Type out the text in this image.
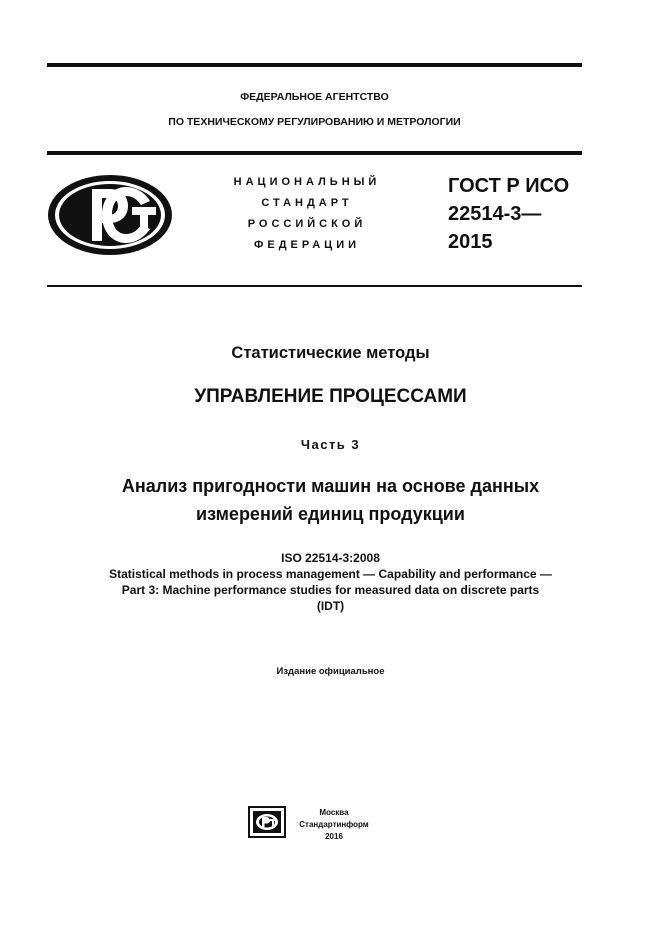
ФЕДЕРАЛЬНОЕ АГЕНТСТВО
ПО ТЕХНИЧЕСКОМУ РЕГУЛИРОВАНИЮ И МЕТРОЛОГИИ
НАЦИОНАЛЬНЫЙ
СТАНДАРТ
РОССИЙСКОЙ
ФЕДЕРАЦИИ
ГОСТ Р ИСО
22514-3—
2015
Статистические методы
УПРАВЛЕНИЕ ПРОЦЕССАМИ
Часть 3
Анализ пригодности машин на основе данных
измерений единиц продукции
ISO 22514-3:2008
Statistical methods in process management — Capability and performance —
Part 3: Machine performance studies for measured data on discrete parts
(IDT)
Издание официальное
Москва
Стандартинформ
2016
